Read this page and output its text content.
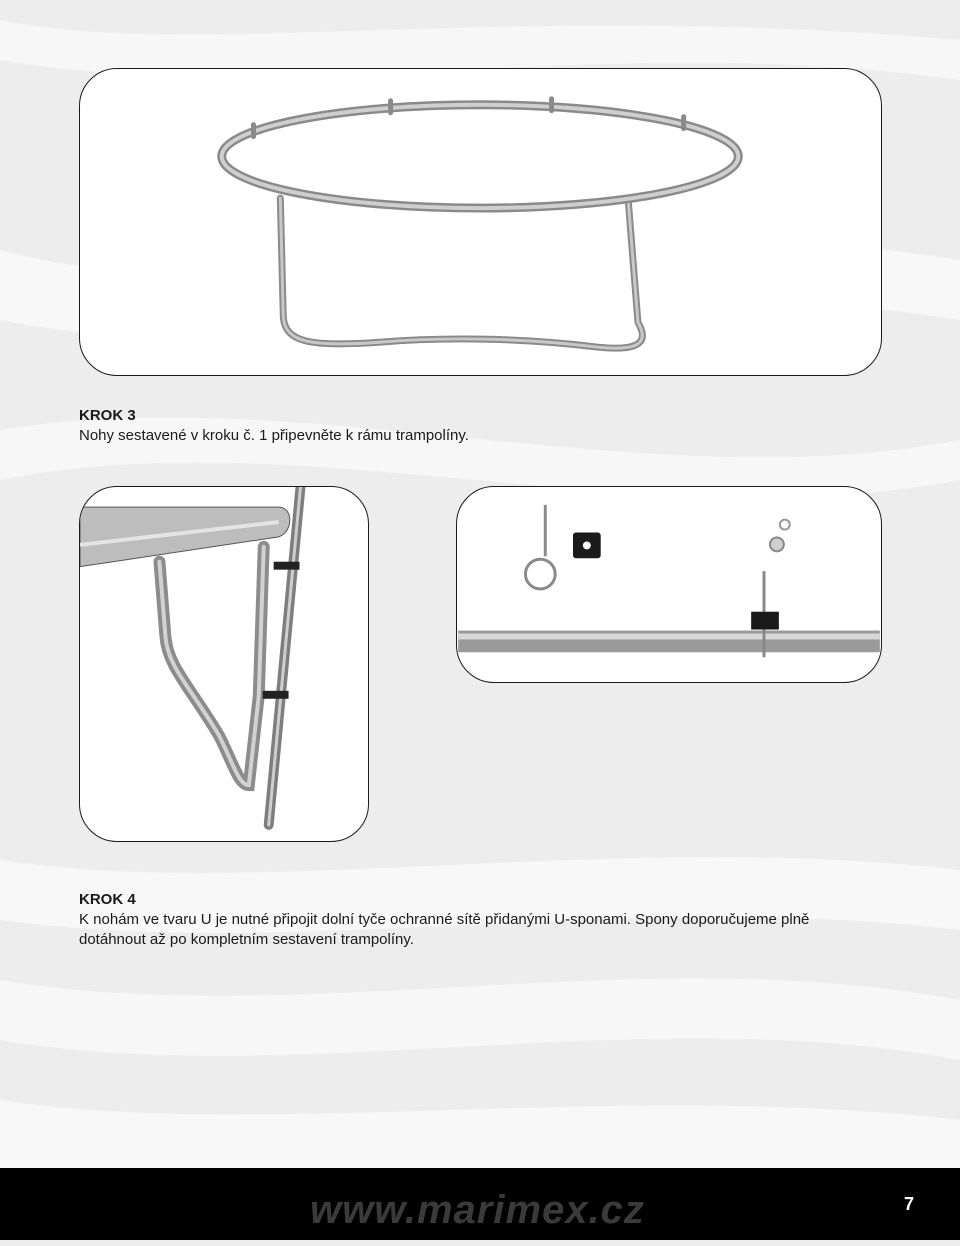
KROK 3
Nohy sestavené v kroku č. 1 připevněte k rámu trampolíny.
KROK 4
K nohám ve tvaru U je nutné připojit dolní tyče ochranné sítě přidanými U-sponami. Spony doporučujeme plně
dotáhnout až po kompletním sestavení trampolíny.
www.marimex.cz	7
